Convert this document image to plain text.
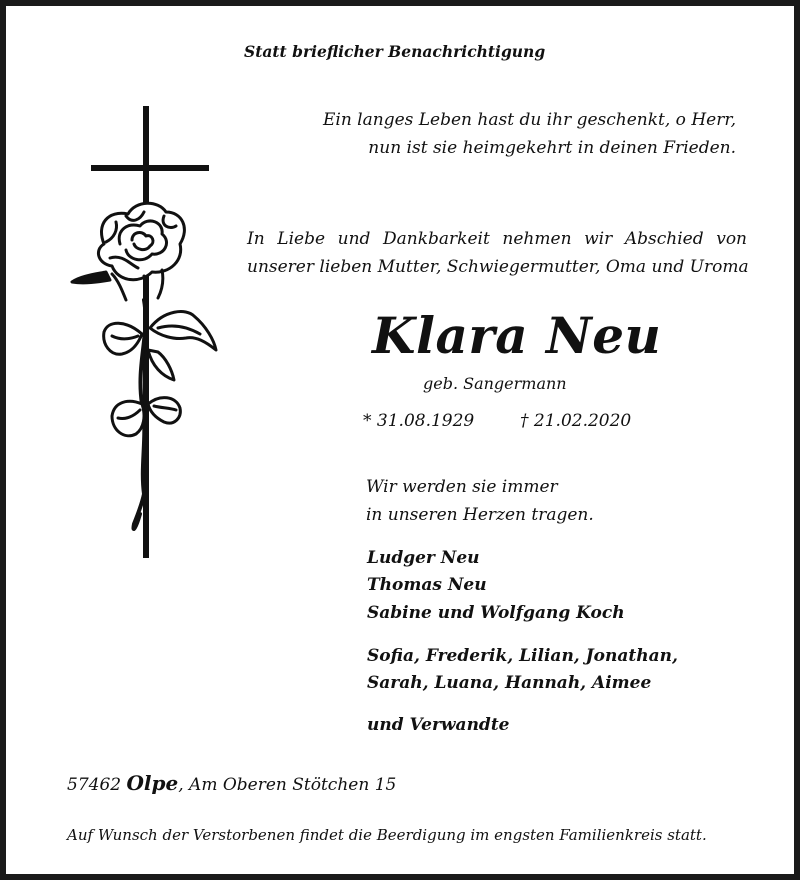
Statt brieflicher Benachrichtigung
Ein langes Leben hast du ihr geschenkt, o Herr,
nun ist sie heimgekehrt in deinen Frieden.
In Liebe und Dankbarkeit nehmen wir Abschied von
unserer lieben Mutter, Schwiegermutter, Oma und Uroma
Klara Neu
geb. Sangermann
* 31.08.1929	† 21.02.2020
Wir werden sie immer
in unseren Herzen tragen.
Ludger Neu
Thomas Neu
Sabine und Wolfgang Koch
Sofia, Frederik, Lilian, Jonathan,
Sarah, Luana, Hannah, Aimee
und Verwandte
57462 Olpe, Am Oberen Stötchen 15
Auf Wunsch der Verstorbenen findet die Beerdigung im engsten Familienkreis statt.
